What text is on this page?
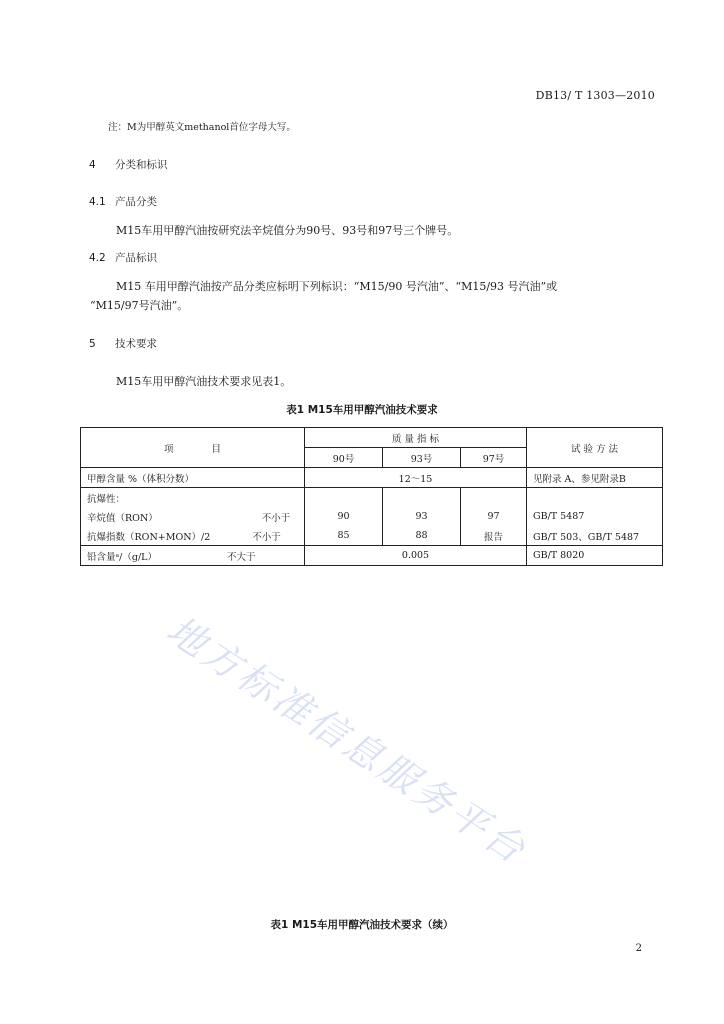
DB13/ T 1303—2010
注：M为甲醇英文methanol首位字母大写。
4 分类和标识
4.1 产品分类
M15车用甲醇汽油按研究法辛烷值分为90号、93号和97号三个牌号。
4.2 产品标识
M15 车用甲醇汽油按产品分类应标明下列标识：“M15/90 号汽油”、“M15/93 号汽油”或
“M15/97号汽油”。
5 技术要求
M15车用甲醇汽油技术要求见表1。
表1 M15车用甲醇汽油技术要求
项　　　　目	质 量 指 标			试 验 方 法
	90号	93号	97号	
甲醇含量 %（体积分数）	12～15			见附录 A、参见附录B
抗爆性：				
辛烷值（RON） 不小于	90	93	97	GB/T 5487
抗爆指数（RON+MON）/2 不小于	85	88	报告	GB/T 503、GB/T 5487
铅含量ᵃ/（g/L） 不大于	0.005			GB/T 8020
地方标准信息服务平台
表1 M15车用甲醇汽油技术要求（续）
2
